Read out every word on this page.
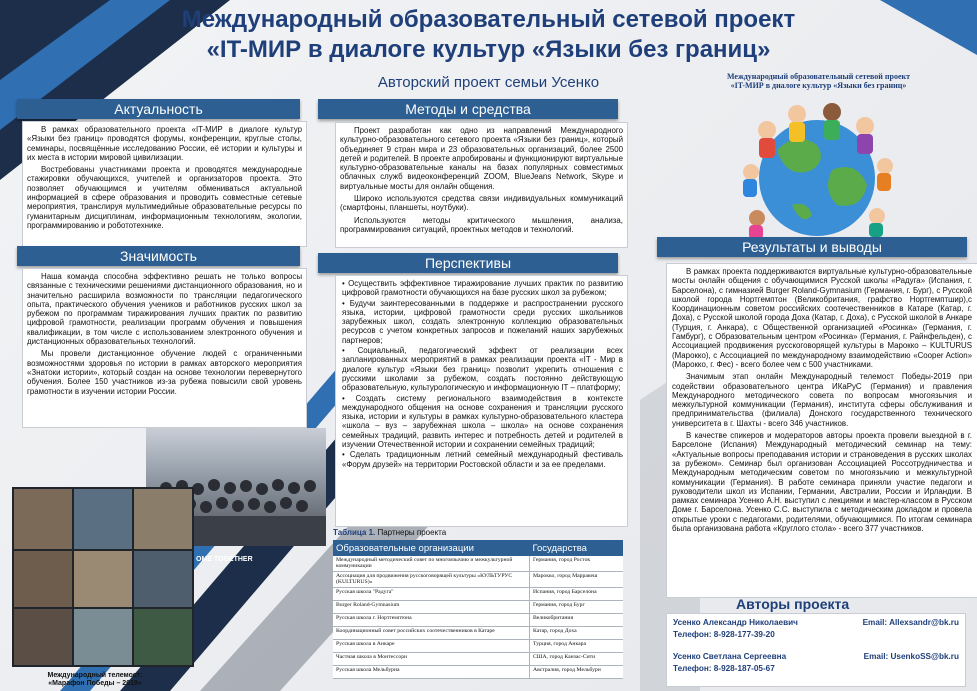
Международный образовательный сетевой проект
«IT-МИР в диалоге культур «Языки без границ»
Авторский проект семьи Усенко
Актуальность

В рамках образовательного проекта «IT-МИР в диалоге культур «Языки без границ» проводятся форумы, конференции, круглые столы, семинары, посвящённые исследованию России, её истории и культуры и их места в истории мировой цивилизации.

Востребованы участниками проекта и проводятся международные стажировки обучающихся, учителей и организаторов проекта. Это позволяет обучающимся и учителям обмениваться актуальной информацией в сфере образования и проводить совместные сетевые мероприятия, транслируя мультимедийные образовательные ресурсы по гуманитарным дисциплинам, информационным технологиям, экологии, программированию и робототехнике.

Значимость

Наша команда способна эффективно решать не только вопросы связанные с техническими решениями дистанционного образования, но и значительно расширила возможности по трансляции педагогического опыта, практического обучения учеников и работников русских школ за рубежом по программам тиражирования лучших практик по развитию цифровой грамотности, реализации программ обучения и повышения квалификации, в том числе с использованием электронного обучения и дистанционных образовательных технологий.

Мы провели дистанционное обучение людей с ограниченными возможностями здоровья по истории в рамках авторского мероприятия «Знатоки истории», который создан на основе технологии перевернутого обучения. Более 150 участников из-за рубежа повысили свой уровень грамотности в изучении истории России.

Методы и средства

Проект разработан как одно из направлений Международного культурно-образовательного сетевого проекта «Языки без границ», который объединяет 9 стран мира и 23 образовательных организаций, более 2500 детей и родителей. В проекте апробированы и функционируют виртуальные культурно-образовательные каналы на базах популярных совместимых облачных служб видеоконференций ZOOM, BlueJeans Network, Skype и виртуальные мосты для онлайн общения.

Широко используются средства связи индивидуальных коммуникаций (смартфоны, планшеты, ноутбуки).

Используются методы критического мышления, анализа, программирования ситуаций, проектных методов и технологий.

Перспективы
• Осуществить эффективное тиражирование лучших практик по развитию цифровой грамотности обучающихся на базе русских школ за рубежом;
• Будучи заинтересованными в поддержке и распространении русского языка, истории, цифровой грамотности среди русских школьников зарубежных школ, создать электронную коллекцию образовательных ресурсов с учетом конкретных запросов и пожеланий наших зарубежных партнеров;
• Социальный, педагогический эффект от реализации всех запланированных мероприятий в рамках реализации проекта «IT - Мир в диалоге культур «Языки без границ» позволит укрепить отношения с русскими школами за рубежом, создать постоянно действующую образовательную, культурологическую и информационную IT – платформу;
• Создать систему регионального взаимодействия в контексте международного общения на основе сохранения и трансляции русского языка, истории и культуры в рамках культурно-образовательного кластера «школа – вуз – зарубежная школа – школа» на основе сохранения семейных традиций, развить интерес и потребность детей и родителей в изучении Отечественной истории и сохранении семейных традиций;
• Сделать традиционным летний семейный международный фестиваль «Форум друзей» на территории Ростовской области и за ее пределами.
Международный образовательный сетевой проект
«IT-МИР в диалоге культур «Языки без границ»
Результаты и выводы

В рамках проекта поддерживаются виртуальные культурно-образовательные мосты онлайн общения с обучающимися Русской школы «Радуга» (Испания, г. Барселона), с гимназией Burger Roland-Gymnasium (Германия, г. Бург), с Русской школой города Нортгемптон (Великобритания, графство Нортгемптшир),с Координационным советом российских соотечественников в Катаре (Катар, г. Доха), с Русской школой города Доха (Катар, г. Доха), с Русской школой в Анкаре (Турция, г. Анкара), с Общественной организацией «Росинка» (Германия, г. Гамбург), с Образовательным центром «Росинка» (Германия, г. Райнфельден), с Ассоциацией продвижения русскоговорящей культуры в Марокко – KULTURUS (Марокко), с Ассоциацией по международному взаимодействию «Cooper Action» (Марокко, г. Фес) - всего более чем с 500 участниками.

Значимым этап онлайн Международный телемост Победы-2019 при содействии образовательного центра ИКаРуС (Германия) и правления Международного методического совета по вопросам многоязычия и межкультурной коммуникации (Германия), института сферы обслуживания и предпринимательства (филиала) Донского государственного технического университета в г. Шахты - всего 346 участников.

В качестве спикеров и модераторов авторы проекта провели выездной в г. Барселоне (Испания) Международный методический семинар на тему: «Актуальные вопросы преподавания истории и страноведения в русских школах за рубежом». Семинар был организован Ассоциацией Россотрудничества и Международным методическим советом по многоязычию и межкультурной коммуникации (Германия). В работе семинара приняли участие педагоги и руководители школ из Испании, Германии, Австралии, России и Ирландии. В рамках семинара Усенко А.Н. выступил с лекциями и мастер-классом в Русском Доме г. Барселона. Усенко С.С. выступила с методическим докладом и провела открытые уроки с педагогами, родителями, обучающимися. По итогам семинара была организована работа «Круглого стола» - всего 377 участников.

OME TOGETHER
Международный телемост:
«Марафон Победы – 2019»
Таблица 1. Партнеры проекта
Образовательные организации	Государства
Международный методический совет по многоязычию и межкультурной коммуникации	Германия, город Росток
Ассоциация для продвижения русскоговорящей культуры «КУЛЬТУРУС (KULTURUS)»	Марокко, город Марракеш
Русская школа "Радуга"	Испания, город Барселона
Burger Roland-Gymnasium	Германия, город Бург
Русская школа г. Нортгемптона	Великобритания
Координационный совет российских соотечественников в Катаре	Катар, город Доха
Русская школа в Анкаре	Турция, город Анкара
Частная школа в Монтессори	США, город Канзас-Сити
Русская школа Мельбурна	Австралия, город Мельбурн
Авторы проекта
Усенко Александр Николаевич	Email: Allexsandr@bk.ru
Телефон: 8-928-177-39-20
Усенко Светлана Сергеевна	Email: UsenkoSS@bk.ru
Телефон: 8-928-187-05-67
